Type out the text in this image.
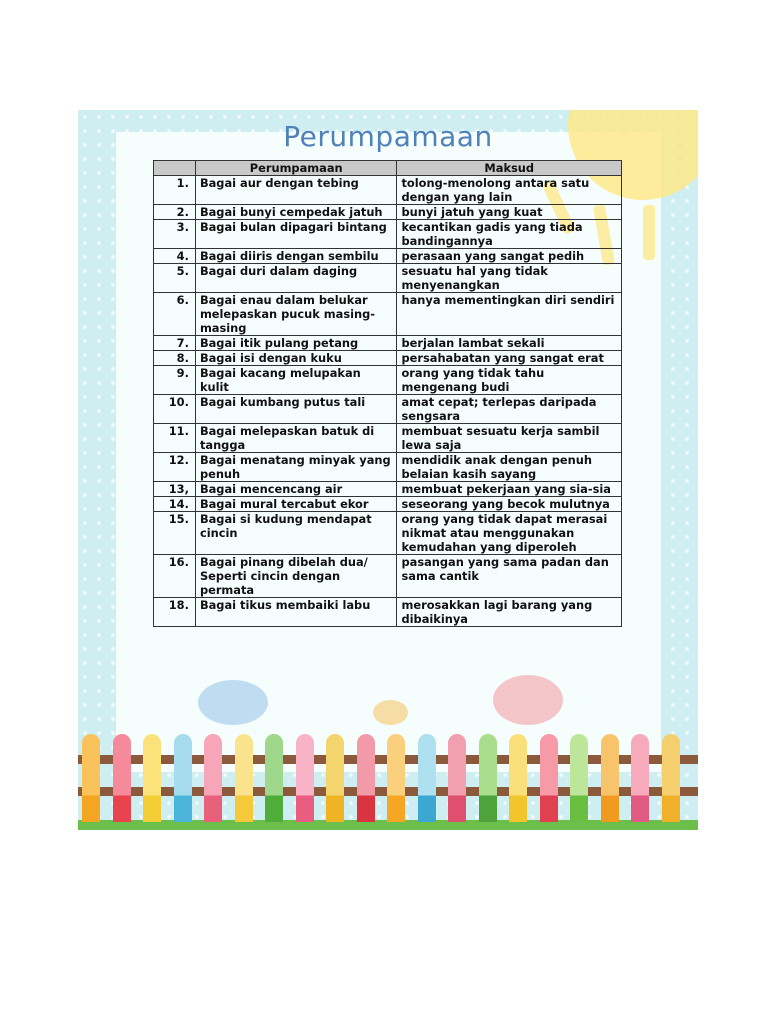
Perumpamaan
	Perumpamaan	Maksud
1.	Bagai aur dengan tebing	tolong-menolong antara satu dengan yang lain
2.	Bagai bunyi cempedak jatuh	bunyi jatuh yang kuat
3.	Bagai bulan dipagari bintang	kecantikan gadis yang tiada bandingannya
4.	Bagai diiris dengan sembilu	perasaan yang sangat pedih
5.	Bagai duri dalam daging	sesuatu hal yang tidak menyenangkan
6.	Bagai enau dalam belukar melepaskan pucuk masing-masing	hanya mementingkan diri sendiri
7.	Bagai itik pulang petang	berjalan lambat sekali
8.	Bagai isi dengan kuku	persahabatan yang sangat erat
9.	Bagai kacang melupakan kulit	orang yang tidak tahu mengenang budi
10.	Bagai kumbang putus tali	amat cepat; terlepas daripada sengsara
11.	Bagai melepaskan batuk di tangga	membuat sesuatu kerja sambil lewa saja
12.	Bagai menatang minyak yang penuh	mendidik anak dengan penuh belaian kasih sayang
13,	Bagai mencencang air	membuat pekerjaan yang sia-sia
14.	Bagai mural tercabut ekor	seseorang yang becok mulutnya
15.	Bagai si kudung mendapat cincin	orang yang tidak dapat merasai nikmat atau menggunakan kemudahan yang diperoleh
16.	Bagai pinang dibelah dua/ Seperti cincin dengan permata	pasangan yang sama padan dan sama cantik
18.	Bagai tikus membaiki labu	merosakkan lagi barang yang dibaikinya
